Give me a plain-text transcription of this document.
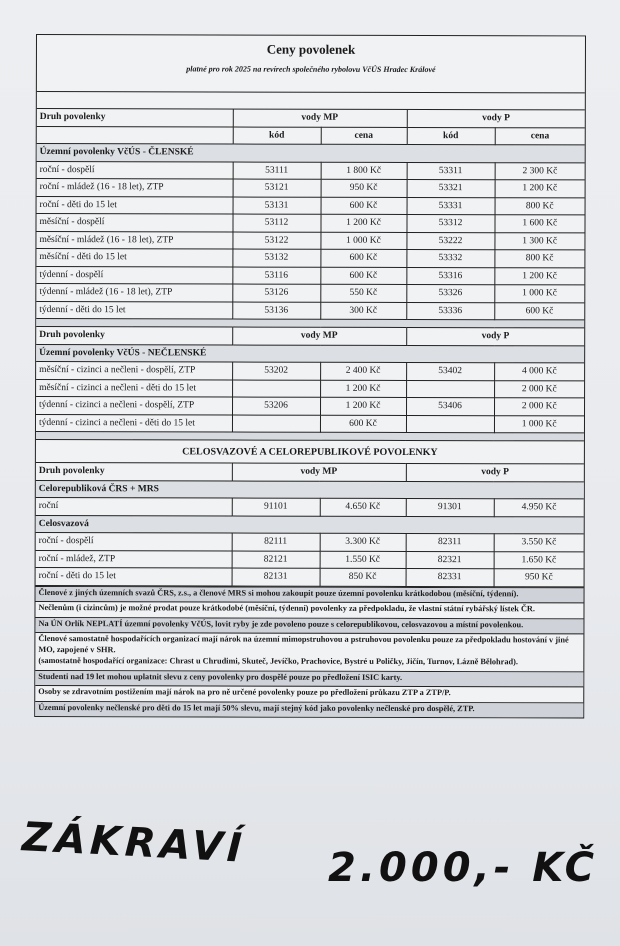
Ceny povolenek
platné pro rok 2025 na revírech společného rybolovu VčÚS Hradec Králové
Druh povolenky	vody MP		vody P	
	kód	cena	kód	cena
Územní povolenky VčÚS - ČLENSKÉ				
roční - dospělí	53111	1 800 Kč	53311	2 300 Kč
roční - mládež (16 - 18 let), ZTP	53121	950 Kč	53321	1 200 Kč
roční - děti do 15 let	53131	600 Kč	53331	800 Kč
měsíční - dospělí	53112	1 200 Kč	53312	1 600 Kč
měsíční - mládež (16 - 18 let), ZTP	53122	1 000 Kč	53222	1 300 Kč
měsíční - děti do 15 let	53132	600 Kč	53332	800 Kč
týdenní - dospělí	53116	600 Kč	53316	1 200 Kč
týdenní - mládež (16 - 18 let), ZTP	53126	550 Kč	53326	1 000 Kč
týdenní - děti do 15 let	53136	300 Kč	53336	600 Kč

Druh povolenky	vody MP		vody P	
Územní povolenky VčÚS - NEČLENSKÉ				
měsíční - cizinci a nečleni - dospělí, ZTP	53202	2 400 Kč	53402	4 000 Kč
měsíční - cizinci a nečleni - děti do 15 let		1 200 Kč		2 000 Kč
týdenní - cizinci a nečleni - dospělí, ZTP	53206	1 200 Kč	53406	2 000 Kč
týdenní - cizinci a nečleni - děti do 15 let		600 Kč		1 000 Kč

CELOSVAZOVÉ A CELOREPUBLIKOVÉ POVOLENKY				
Druh povolenky	vody MP		vody P	
Celorepubliková ČRS + MRS				
roční	91101	4.650 Kč	91301	4.950 Kč
Celosvazová				
roční - dospělí	82111	3.300 Kč	82311	3.550 Kč
roční - mládež, ZTP	82121	1.550 Kč	82321	1.650 Kč
roční - děti do 15 let	82131	850 Kč	82331	950 Kč
Členové z jiných územních svazů ČRS, z.s., a členové MRS si mohou zakoupit pouze územní povolenku krátkodobou (měsíční, týdenní).
Nečlenům (i cizincům) je možné prodat pouze krátkodobé (měsíční, týdenní) povolenky za předpokladu, že vlastní státní rybářský lístek ČR.
Na ÚN Orlík NEPLATÍ územní povolenky VčÚS, lovit ryby je zde povoleno pouze s celorepublikovou, celosvazovou a místní povolenkou.
Členové samostatně hospodařících organizací mají nárok na územní mimopstruhovou a pstruhovou povolenku pouze za předpokladu hostování v jiné MO, zapojené v SHR.
(samostatně hospodařící organizace: Chrast u Chrudimi, Skuteč, Jevíčko, Prachovice, Bystré u Poličky, Jičín, Turnov, Lázně Bělohrad).
Studenti nad 19 let mohou uplatnit slevu z ceny povolenky pro dospělé pouze po předložení ISIC karty.
Osoby se zdravotním postižením mají nárok na pro ně určené povolenky pouze po předložení průkazu ZTP a ZTP/P.
Územní povolenky nečlenské pro děti do 15 let mají 50% slevu, mají stejný kód jako povolenky nečlenské pro dospělé, ZTP.
ZÁKRAVÍ 2.000,- KČ
